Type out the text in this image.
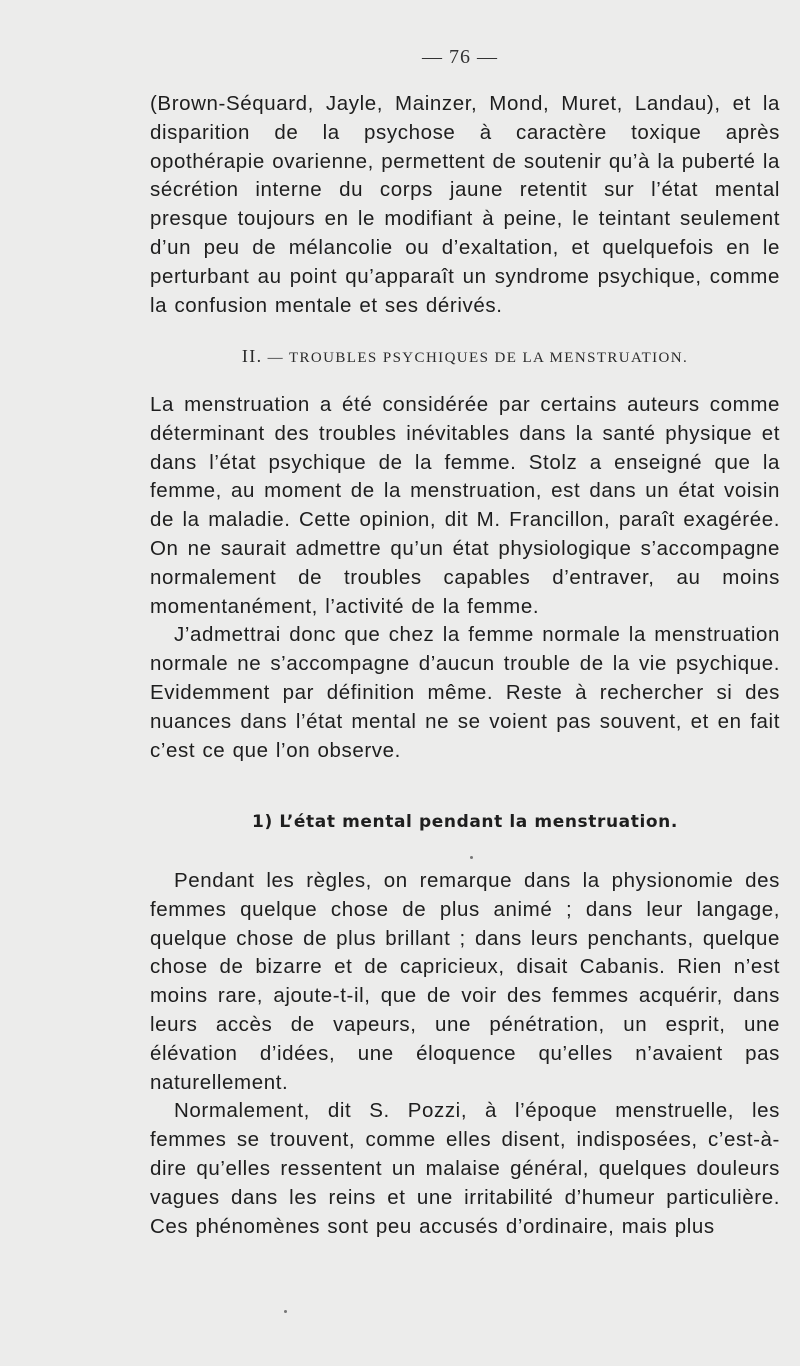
— 76 —

(Brown-Séquard, Jayle, Mainzer, Mond, Muret, Landau), et la disparition de la psychose à caractère toxique après opothérapie ovarienne, permettent de soutenir qu’à la puberté la sécrétion interne du corps jaune retentit sur l’état mental presque toujours en le modifiant à peine, le teintant seulement d’un peu de mélancolie ou d’exaltation, et quelquefois en le perturbant au point qu’apparaît un syndrome psychique, comme la confusion mentale et ses dérivés.

II. — TROUBLES PSYCHIQUES DE LA MENSTRUATION.

La menstruation a été considérée par certains auteurs comme déterminant des troubles inévitables dans la santé physique et dans l’état psychique de la femme. Stolz a enseigné que la femme, au moment de la menstruation, est dans un état voisin de la maladie. Cette opinion, dit M. Francillon, paraît exagérée. On ne saurait admettre qu’un état physiologique s’accompagne normalement de troubles capables d’entraver, au moins momentanément, l’activité de la femme.

J’admettrai donc que chez la femme normale la menstruation normale ne s’accompagne d’aucun trouble de la vie psychique. Evidemment par définition même. Reste à rechercher si des nuances dans l’état mental ne se voient pas souvent, et en fait c’est ce que l’on observe.

1) L’état mental pendant la menstruation.

Pendant les règles, on remarque dans la physionomie des femmes quelque chose de plus animé ; dans leur langage, quelque chose de plus brillant ; dans leurs penchants, quelque chose de bizarre et de capricieux, disait Cabanis. Rien n’est moins rare, ajoute-t-il, que de voir des femmes acquérir, dans leurs accès de vapeurs, une pénétration, un esprit, une élévation d’idées, une éloquence qu’elles n’avaient pas naturellement.

Normalement, dit S. Pozzi, à l’époque menstruelle, les femmes se trouvent, comme elles disent, indisposées, c’est-à-dire qu’elles ressentent un malaise général, quelques douleurs vagues dans les reins et une irritabilité d’humeur particulière. Ces phénomènes sont peu accusés d’ordinaire, mais plus
